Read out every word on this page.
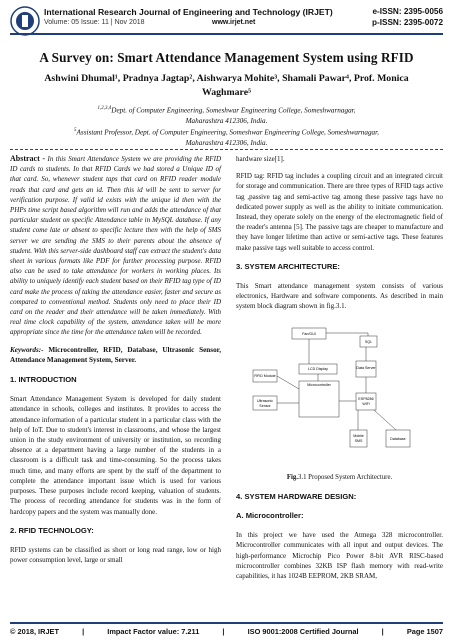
International Research Journal of Engineering and Technology (IRJET)	e-ISSN: 2395-0056
Volume: 05 Issue: 11 | Nov 2018	www.irjet.net	p-ISSN: 2395-0072
A Survey on: Smart Attendance Management System using RFID
Ashwini Dhumal¹, Pradnya Jagtap², Aishwarya Mohite³, Shamali Pawar⁴, Prof. Monica
Waghmare⁵
$^{1,2,3,4}$Dept. of Computer Engineering, Someshwar Engineering College, Someshwarnagar,
Maharashtra 412306, India.
$^5$Assistant Professor, Dept. of Computer Engineering, Someshwar Engineering College, Someshwarnagar,
Maharashtra 412306, India.
Abstract - In this Smart Attendance System we are providing the RFID ID cards to students. In that RFID Cards we had stored a Unique ID of that card. So, whenever student taps that card on RFID reader module reads that card and gets an id. Then this id will be sent to server for verification purpose. If valid id exists with the unique id then with the PHPs time script based algorithm will run and adds the attendance of that particular student on specific Attendance table in MySQL database. If any student come late or absent to specific lecture then with the help of SMS server we are sending the SMS to their parents about the absence of student. With this server-side dashboard staff can extract the student's data sheet in various formats like PDF for further processing purpose. RFID also can be used to take attendance for workers in working places. Its ability to uniquely identify each student based on their RFID tag type of ID card make the process of taking the attendance easier, faster and secure as compared to conventional method. Students only need to place their ID card on the reader and their attendance will be taken immediately. With real time clock capability of the system, attendance taken will be more appropriate since the time for the attendance taken will be recorded.
Keywords:- Microcontroller, RFID, Database, Ultrasonic Sensor, Attendance Management System, Server.
1. INTRODUCTION
Smart Attendance Management System is developed for daily student attendance in schools, colleges and institutes. It provides to access the attendance information of a particular student in a particular class with the help of IoT. Due to student's interest in classrooms, and whose the largest union in the study environment of university or institution, so recording absence at a department having a large number of the students in a classroom is a difficult task and time-consuming. So the process takes much time, and many efforts are spent by the staff of the department to complete the attendance important issue which is used for various purposes. These purposes include record keeping, valuation of students. The process of recording attendance for students was in the form of hardcopy papers and the system was manually done.
2. RFID TECHNOLOGY:
RFID systems can be classified as short or long read range, low or high power consumption level, large or small
hardware size[1].
RFID tag: RFID tag includes a coupling circuit and an integrated circuit for storage and communication. There are three types of RFID tags active tag ,passive tag and semi-active tag among these passive tags have no dedicated power supply as well as the ability to initiate communication. Instead, they operate solely on the energy of the electromagnetic field of the reader's antenna [5]. The passive tags are cheaper to manufacture and they have longer lifetime than active or semi-active tags. These features make passive tags well suitable to access control.
3. SYSTEM ARCHITECTURE:
This Smart attendance management system consists of various electronics, Hardware and software components. As described in main system block diagram shown in fig.3.1.
Fan/GUI
SQL
RFID Module
LCD Display	Data Server
Ultrasonic
Sensor
Microcontroller
ESP8266
WiFi
Mobile
SMS	Database
Fig.3.1 Proposed System Architecture.
4. SYSTEM HARDWARE DESIGN:
A. Microcontroller:
In this project we have used the Atmega 328 microcontroller. Microcontroller communicates with all input and output devices. The high-performance Microchip Pico Power 8-bit AVR RISC-based microcontroller combines 32KB ISP flash memory with read-write capabilities, it has 1024B EEPROM, 2KB SRAM,
© 2018, IRJET	|	Impact Factor value: 7.211	|	ISO 9001:2008 Certified Journal	|	Page 1507
